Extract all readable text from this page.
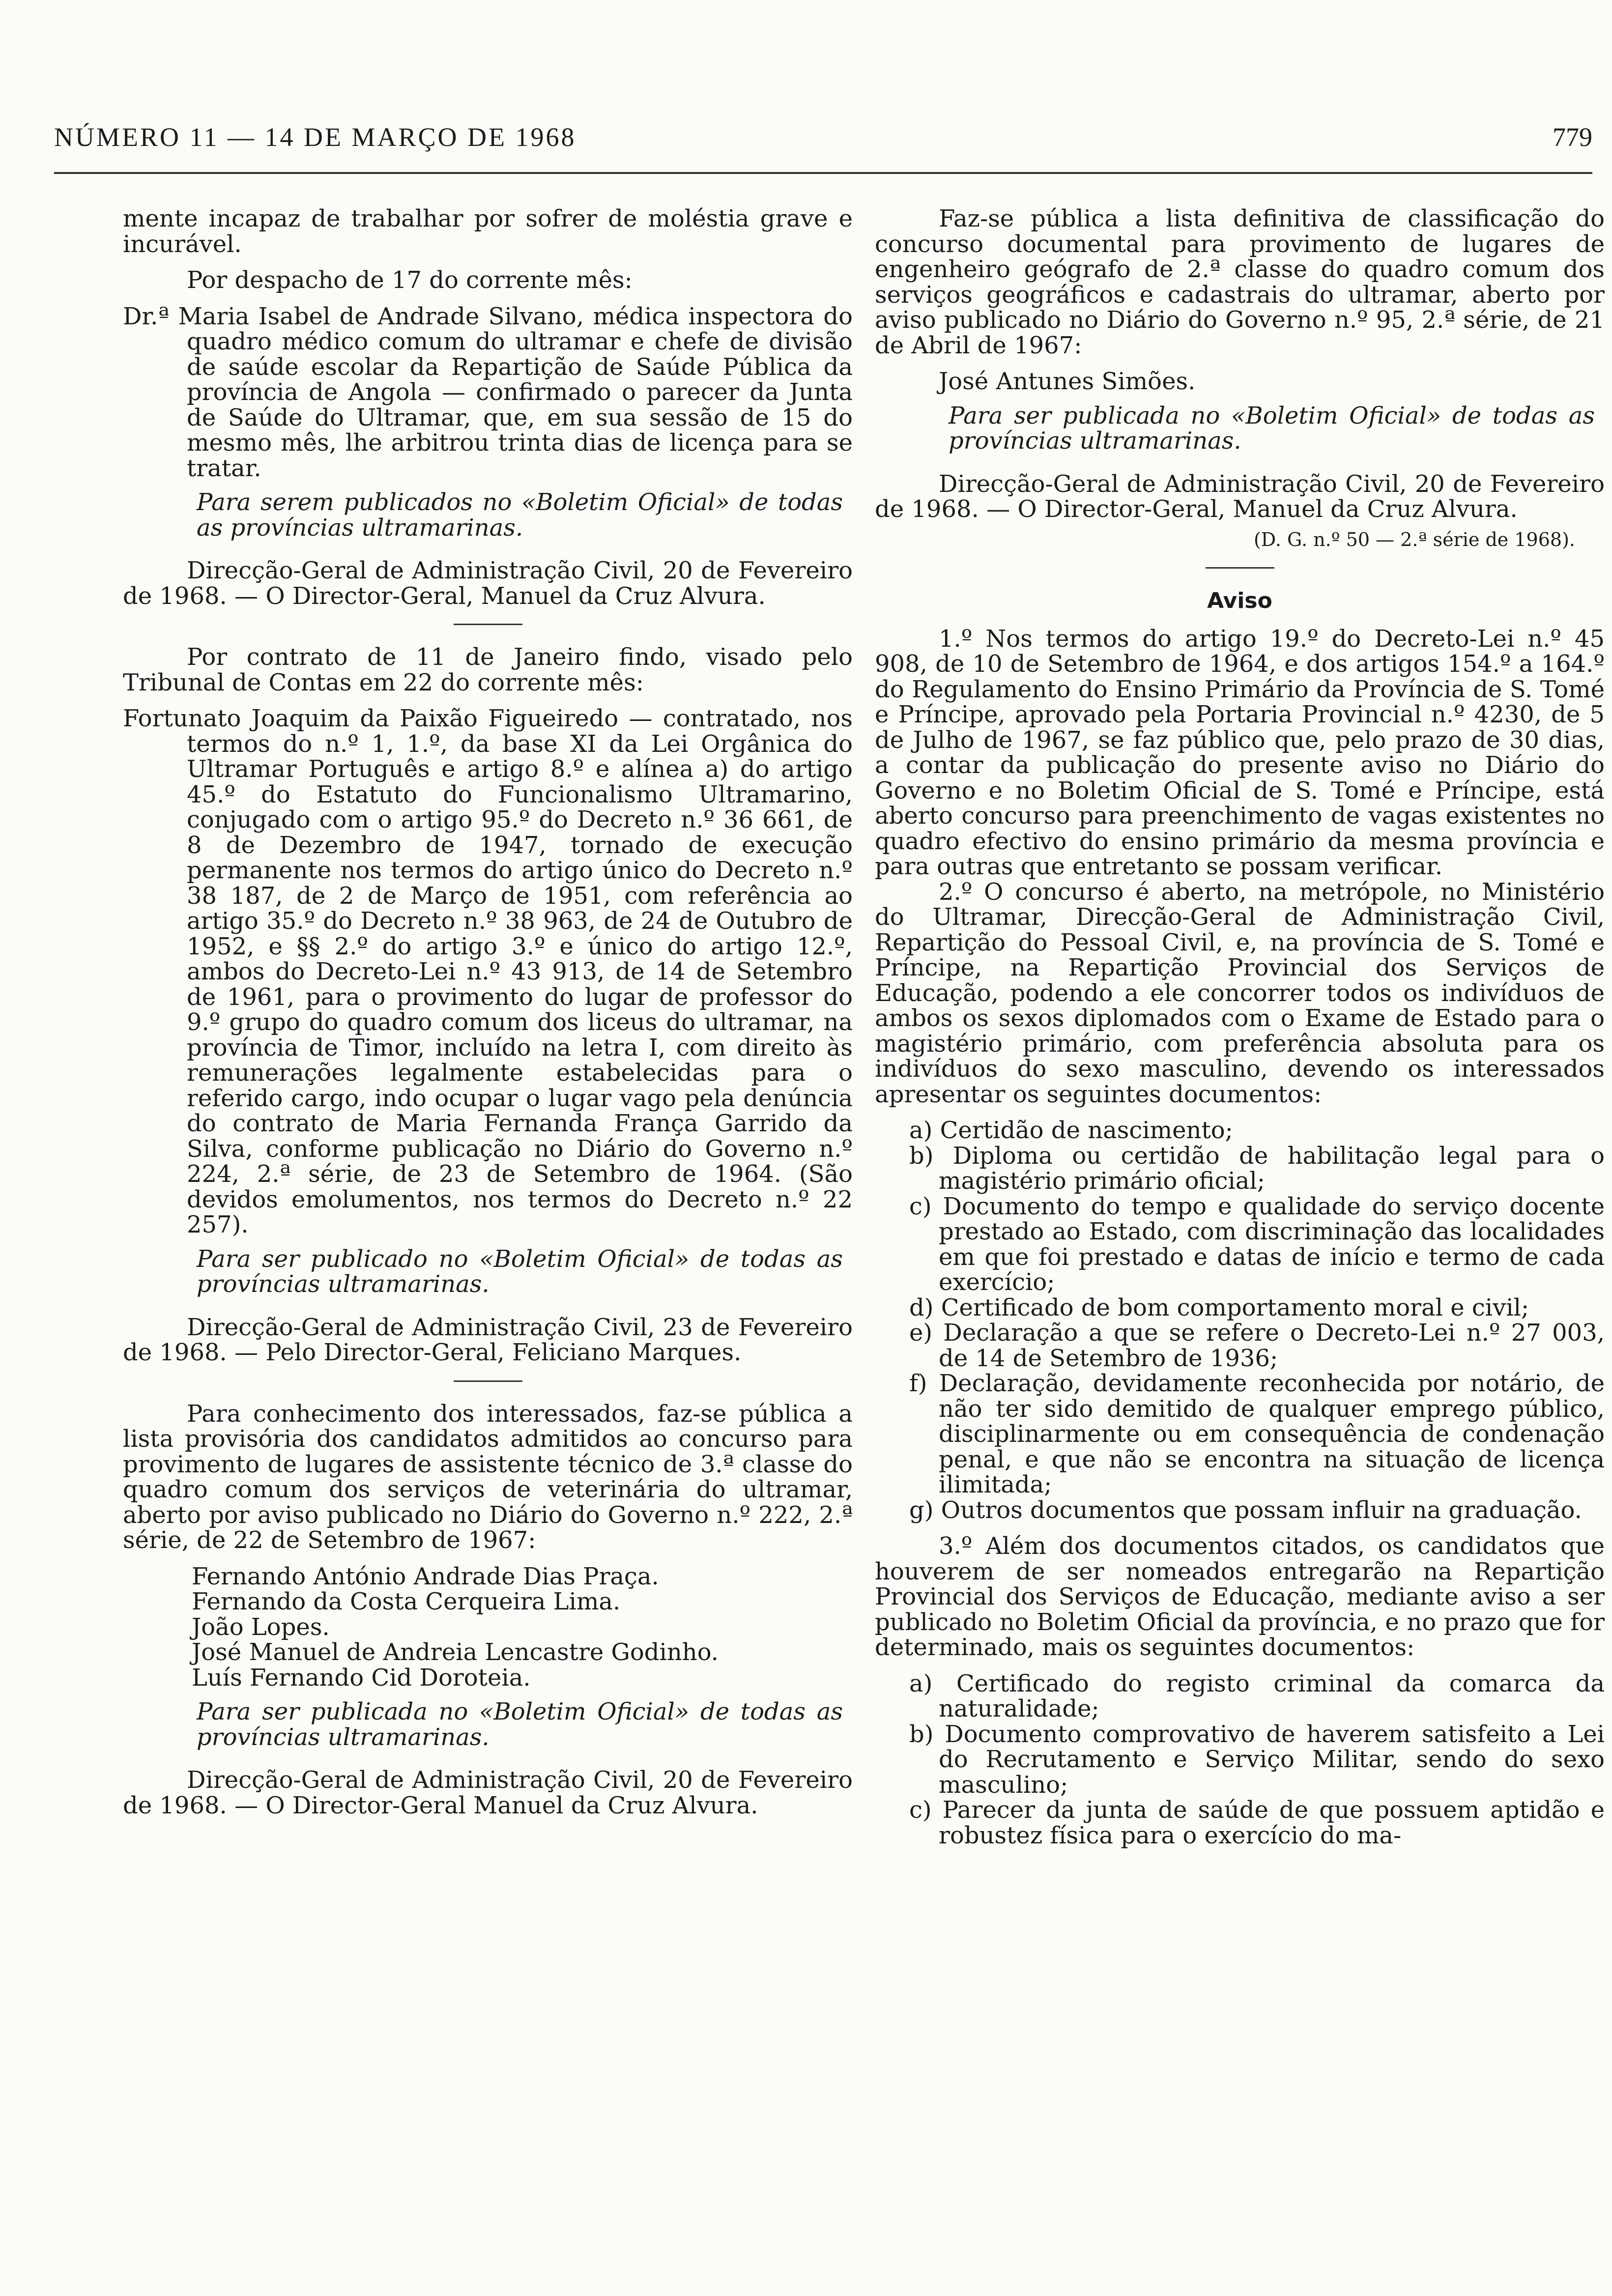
NÚMERO 11 — 14 DE MARÇO DE 1968	779

mente incapaz de trabalhar por sofrer de moléstia grave e incurável.

Por despacho de 17 do corrente mês:

Dr.ª Maria Isabel de Andrade Silvano, médica inspectora do quadro médico comum do ultramar e chefe de divisão de saúde escolar da Repartição de Saúde Pública da província de Angola — confirmado o parecer da Junta de Saúde do Ultramar, que, em sua sessão de 15 do mesmo mês, lhe arbitrou trinta dias de licença para se tratar.

Para serem publicados no «Boletim Oficial» de todas as províncias ultramarinas.

Direcção-Geral de Administração Civil, 20 de Fevereiro de 1968. — O Director-Geral, Manuel da Cruz Alvura.

Por contrato de 11 de Janeiro findo, visado pelo Tribunal de Contas em 22 do corrente mês:

Fortunato Joaquim da Paixão Figueiredo — contratado, nos termos do n.º 1, 1.º, da base XI da Lei Orgânica do Ultramar Português e artigo 8.º e alínea a) do artigo 45.º do Estatuto do Funcionalismo Ultramarino, conjugado com o artigo 95.º do Decreto n.º 36 661, de 8 de Dezembro de 1947, tornado de execução permanente nos termos do artigo único do Decreto n.º 38 187, de 2 de Março de 1951, com referência ao artigo 35.º do Decreto n.º 38 963, de 24 de Outubro de 1952, e §§ 2.º do artigo 3.º e único do artigo 12.º, ambos do Decreto-Lei n.º 43 913, de 14 de Setembro de 1961, para o provimento do lugar de professor do 9.º grupo do quadro comum dos liceus do ultramar, na província de Timor, incluído na letra I, com direito às remunerações legalmente estabelecidas para o referido cargo, indo ocupar o lugar vago pela denúncia do contrato de Maria Fernanda França Garrido da Silva, conforme publicação no Diário do Governo n.º 224, 2.ª série, de 23 de Setembro de 1964. (São devidos emolumentos, nos termos do Decreto n.º 22 257).

Para ser publicado no «Boletim Oficial» de todas as províncias ultramarinas.

Direcção-Geral de Administração Civil, 23 de Fevereiro de 1968. — Pelo Director-Geral, Feliciano Marques.

Para conhecimento dos interessados, faz-se pública a lista provisória dos candidatos admitidos ao concurso para provimento de lugares de assistente técnico de 3.ª classe do quadro comum dos serviços de veterinária do ultramar, aberto por aviso publicado no Diário do Governo n.º 222, 2.ª série, de 22 de Setembro de 1967:

Fernando António Andrade Dias Praça.

Fernando da Costa Cerqueira Lima.

João Lopes.

José Manuel de Andreia Lencastre Godinho.

Luís Fernando Cid Doroteia.

Para ser publicada no «Boletim Oficial» de todas as províncias ultramarinas.

Direcção-Geral de Administração Civil, 20 de Fevereiro de 1968. — O Director-Geral Manuel da Cruz Alvura.

Faz-se pública a lista definitiva de classificação do concurso documental para provimento de lugares de engenheiro geógrafo de 2.ª classe do quadro comum dos serviços geográficos e cadastrais do ultramar, aberto por aviso publicado no Diário do Governo n.º 95, 2.ª série, de 21 de Abril de 1967:

José Antunes Simões.

Para ser publicada no «Boletim Oficial» de todas as províncias ultramarinas.

Direcção-Geral de Administração Civil, 20 de Fevereiro de 1968. — O Director-Geral, Manuel da Cruz Alvura.

(D. G. n.º 50 — 2.ª série de 1968).

Aviso

1.º Nos termos do artigo 19.º do Decreto-Lei n.º 45 908, de 10 de Setembro de 1964, e dos artigos 154.º a 164.º do Regulamento do Ensino Primário da Província de S. Tomé e Príncipe, aprovado pela Portaria Provincial n.º 4230, de 5 de Julho de 1967, se faz público que, pelo prazo de 30 dias, a contar da publicação do presente aviso no Diário do Governo e no Boletim Oficial de S. Tomé e Príncipe, está aberto concurso para preenchimento de vagas existentes no quadro efectivo do ensino primário da mesma província e para outras que entretanto se possam verificar.

2.º O concurso é aberto, na metrópole, no Ministério do Ultramar, Direcção-Geral de Administração Civil, Repartição do Pessoal Civil, e, na província de S. Tomé e Príncipe, na Repartição Provincial dos Serviços de Educação, podendo a ele concorrer todos os indivíduos de ambos os sexos diplomados com o Exame de Estado para o magistério primário, com preferência absoluta para os indivíduos do sexo masculino, devendo os interessados apresentar os seguintes documentos:

a) Certidão de nascimento;

b) Diploma ou certidão de habilitação legal para o magistério primário oficial;

c) Documento do tempo e qualidade do serviço docente prestado ao Estado, com discriminação das localidades em que foi prestado e datas de início e termo de cada exercício;

d) Certificado de bom comportamento moral e civil;

e) Declaração a que se refere o Decreto-Lei n.º 27 003, de 14 de Setembro de 1936;

f) Declaração, devidamente reconhecida por notário, de não ter sido demitido de qualquer emprego público, disciplinarmente ou em consequência de condenação penal, e que não se encontra na situação de licença ilimitada;

g) Outros documentos que possam influir na graduação.

3.º Além dos documentos citados, os candidatos que houverem de ser nomeados entregarão na Repartição Provincial dos Serviços de Educação, mediante aviso a ser publicado no Boletim Oficial da província, e no prazo que for determinado, mais os seguintes documentos:

a) Certificado do registo criminal da comarca da naturalidade;

b) Documento comprovativo de haverem satisfeito a Lei do Recrutamento e Serviço Militar, sendo do sexo masculino;

c) Parecer da junta de saúde de que possuem aptidão e robustez física para o exercício do ma-
